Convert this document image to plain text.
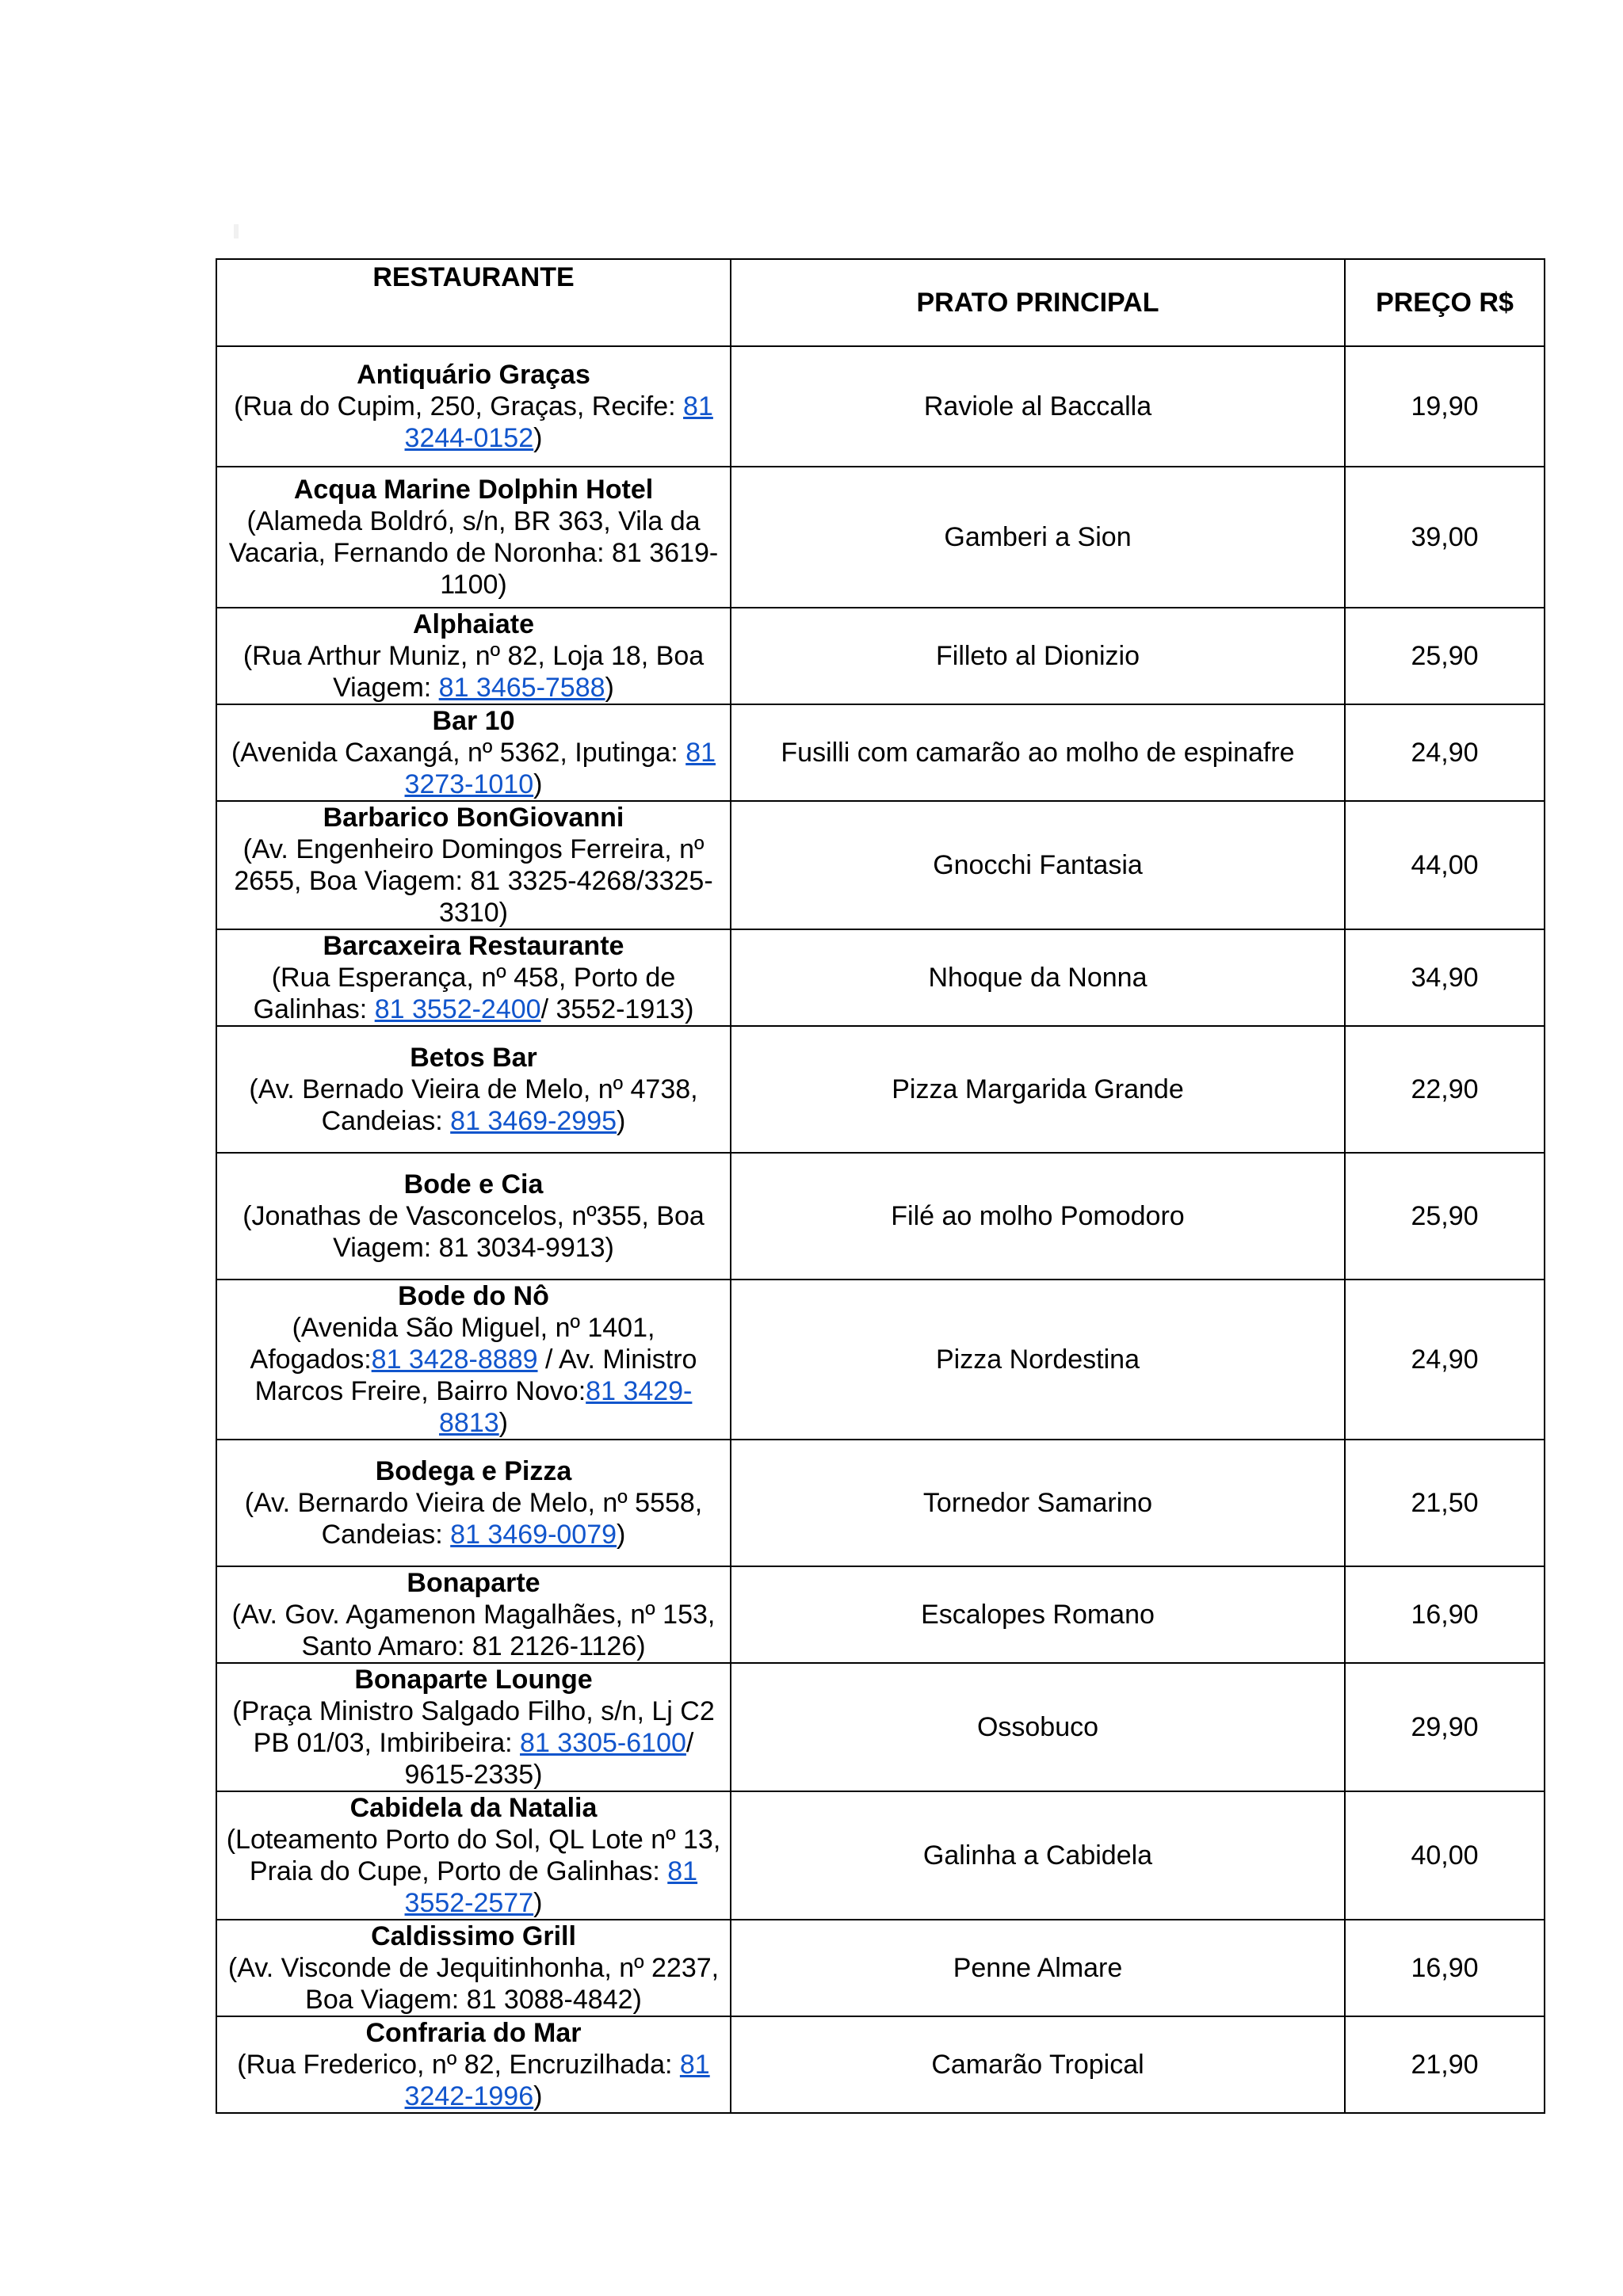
RESTAURANTE	PRATO PRINCIPAL	PREÇO R$

Antiquário Graças
(Rua do Cupim, 250, Graças, Recife: 81 3244-0152)	Raviole al Baccalla	19,90

Acqua Marine Dolphin Hotel
(Alameda Boldró, s/n, BR 363, Vila da Vacaria, Fernando de Noronha: 81 3619-1100)	Gamberi a Sion	39,00

Alphaiate
(Rua Arthur Muniz, nº 82, Loja 18, Boa Viagem: 81 3465-7588)	Filleto al Dionizio	25,90

Bar 10
(Avenida Caxangá, nº 5362, Iputinga: 81 3273-1010)	Fusilli com camarão ao molho de espinafre	24,90

Barbarico BonGiovanni
(Av. Engenheiro Domingos Ferreira, nº 2655, Boa Viagem: 81 3325-4268/3325-3310)	Gnocchi Fantasia	44,00

Barcaxeira Restaurante
(Rua Esperança, nº 458, Porto de Galinhas: 81 3552-2400/ 3552-1913)	Nhoque da Nonna	34,90

Betos Bar
(Av. Bernado Vieira de Melo, nº 4738, Candeias: 81 3469-2995)	Pizza Margarida Grande	22,90

Bode e Cia
(Jonathas de Vasconcelos, nº355, Boa Viagem: 81 3034-9913)	Filé ao molho Pomodoro	25,90

Bode do Nô
(Avenida São Miguel, nº 1401, Afogados:81 3428-8889 / Av. Ministro Marcos Freire, Bairro Novo:81 3429-8813)	Pizza Nordestina	24,90

Bodega e Pizza
(Av. Bernardo Vieira de Melo, nº 5558, Candeias: 81 3469-0079)	Tornedor Samarino	21,50

Bonaparte
(Av. Gov. Agamenon Magalhães, nº 153, Santo Amaro: 81 2126-1126)	Escalopes Romano	16,90

Bonaparte Lounge
(Praça Ministro Salgado Filho, s/n, Lj C2 PB 01/03, Imbiribeira: 81 3305-6100/ 9615-2335)	Ossobuco	29,90

Cabidela da Natalia
(Loteamento Porto do Sol, QL Lote nº 13, Praia do Cupe, Porto de Galinhas: 81 3552-2577)	Galinha a Cabidela	40,00

Caldissimo Grill
(Av. Visconde de Jequitinhonha, nº 2237, Boa Viagem: 81 3088-4842)	Penne Almare	16,90

Confraria do Mar
(Rua Frederico, nº 82, Encruzilhada: 81 3242-1996)	Camarão Tropical	21,90
